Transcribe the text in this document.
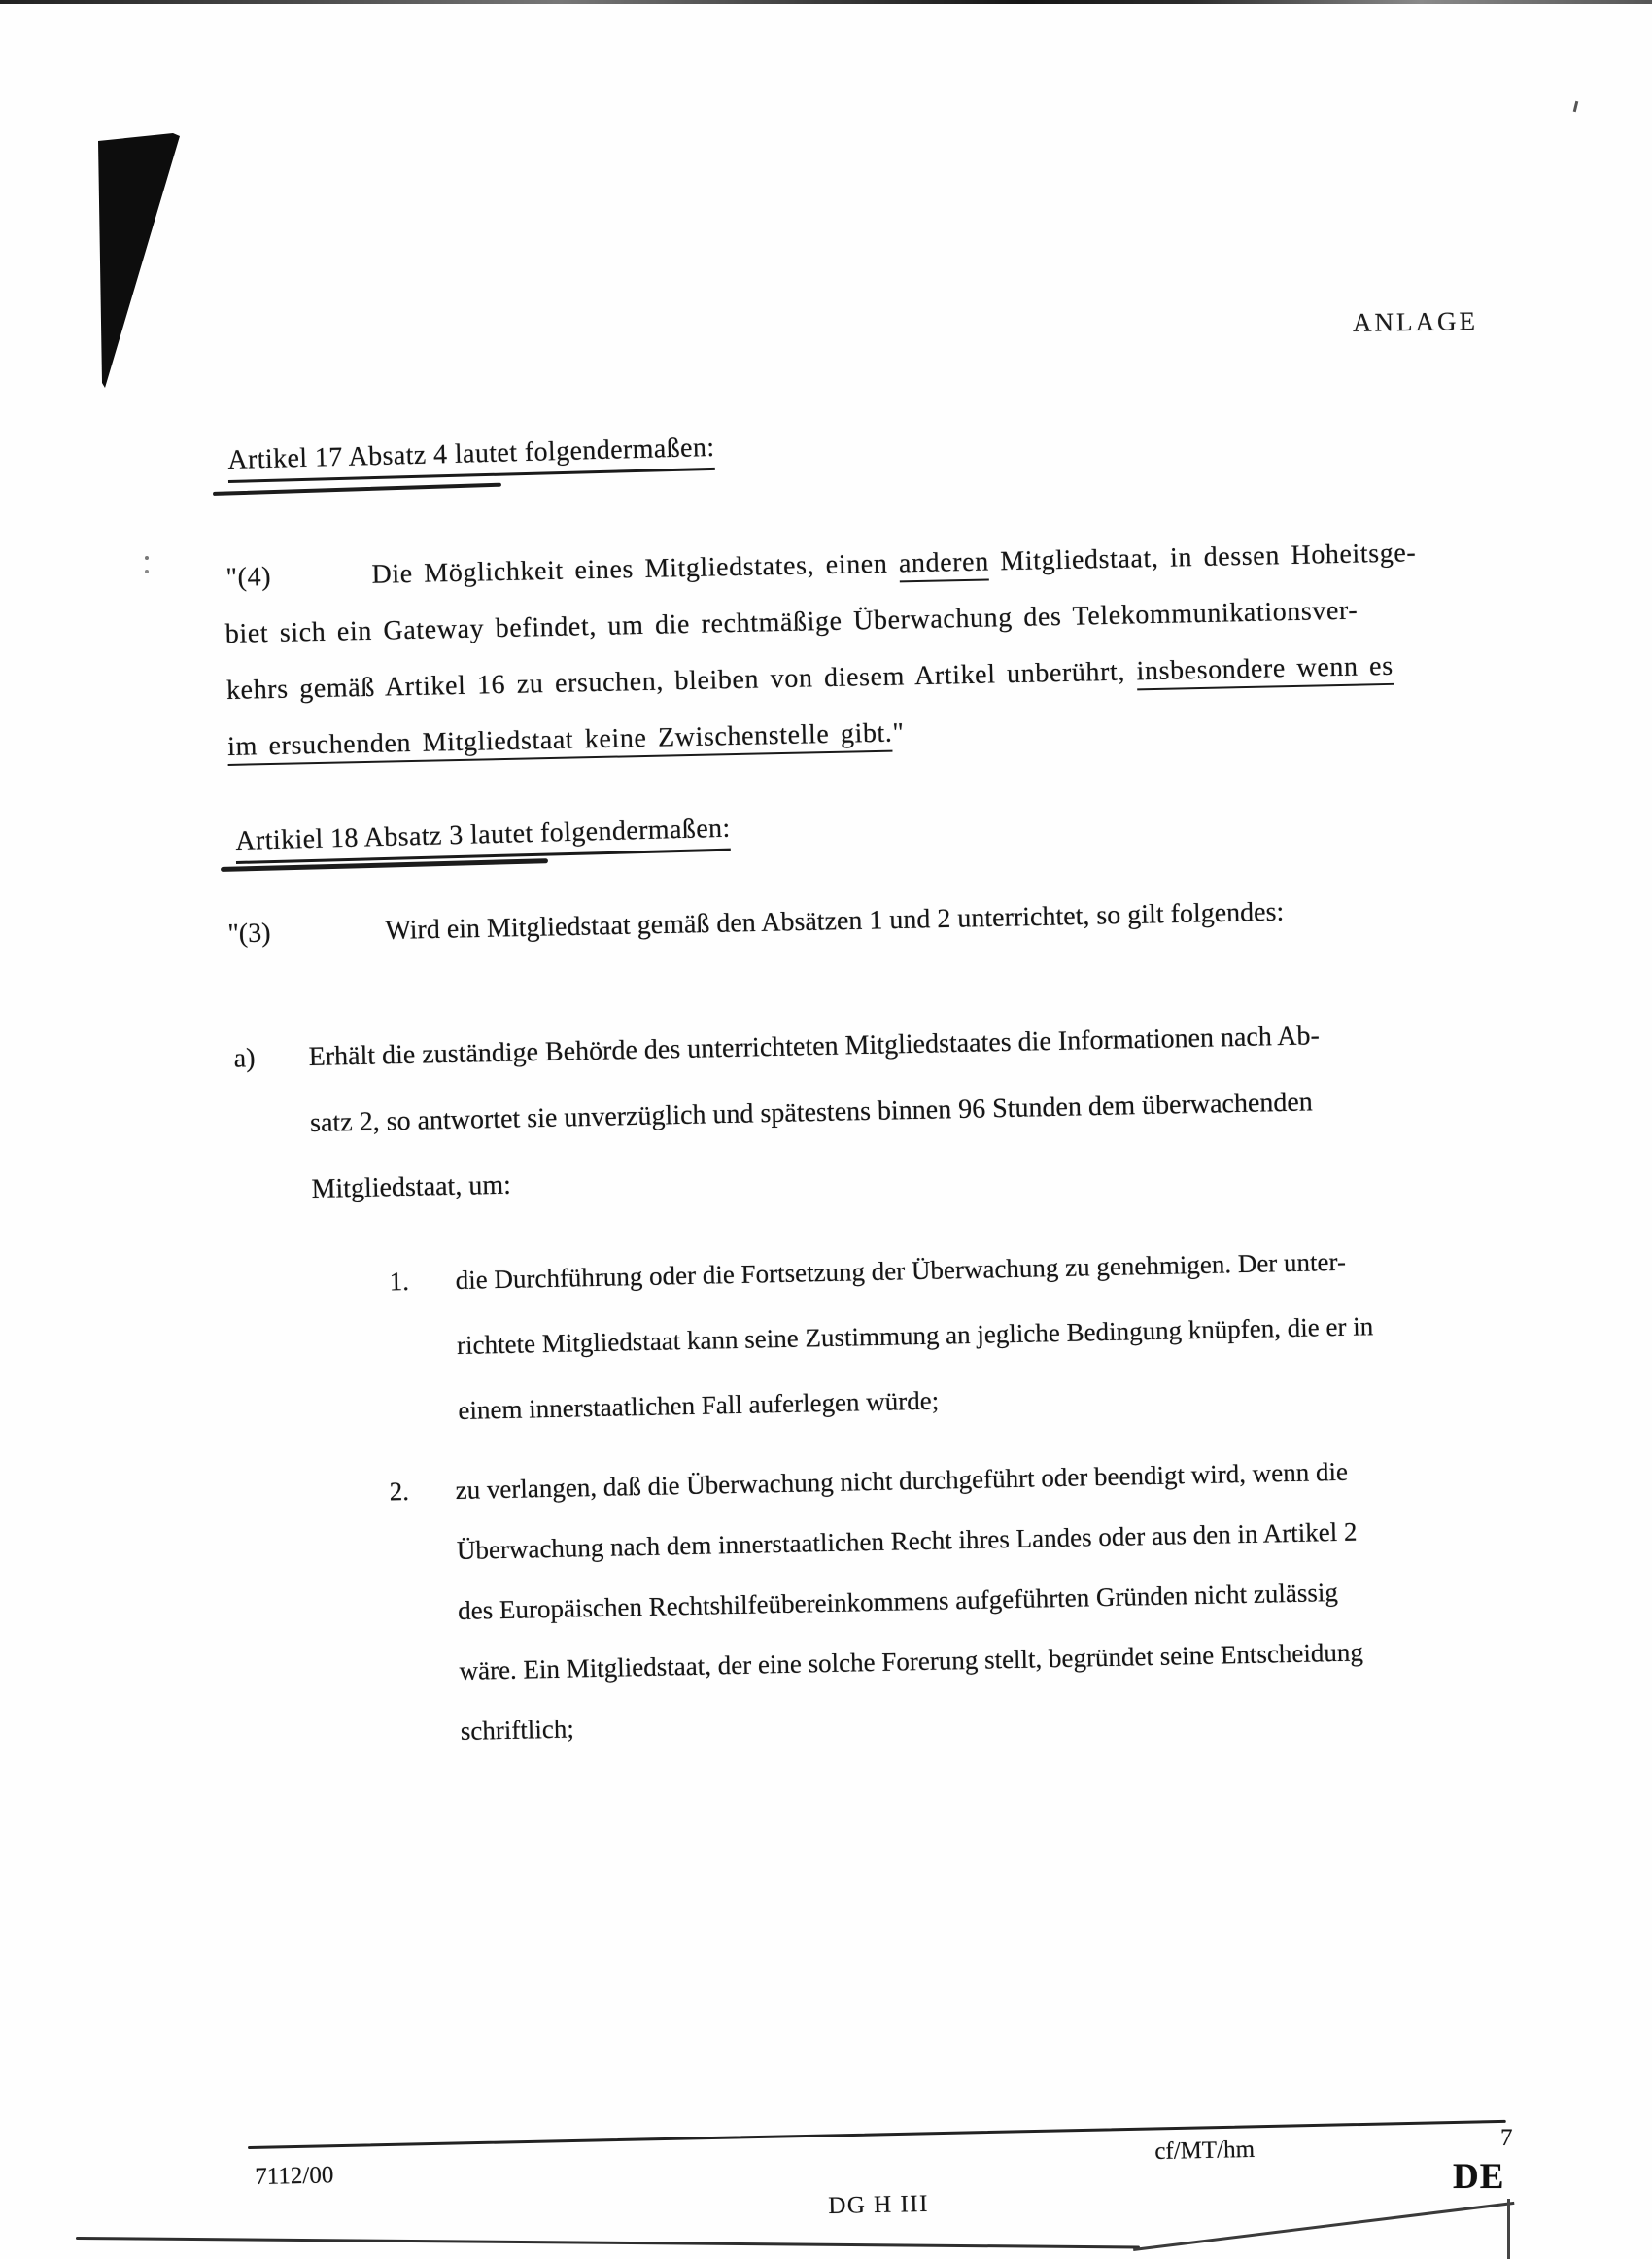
ANLAGE
Artikel 17 Absatz 4 lautet folgendermaßen:
"(4)	Die Möglichkeit eines Mitgliedstates, einen anderen Mitgliedstaat, in dessen Hoheitsge-
biet sich ein Gateway befindet, um die rechtmäßige Überwachung des Telekommunikationsver-
kehrs gemäß Artikel 16 zu ersuchen, bleiben von diesem Artikel unberührt, insbesondere wenn es
im ersuchenden Mitgliedstaat keine Zwischenstelle gibt."
Artikiel 18 Absatz 3 lautet folgendermaßen:
"(3)	Wird ein Mitgliedstaat gemäß den Absätzen 1 und 2 unterrichtet, so gilt folgendes:
a) Erhält die zuständige Behörde des unterrichteten Mitgliedstaates die Informationen nach Ab-
satz 2, so antwortet sie unverzüglich und spätestens binnen 96 Stunden dem überwachenden
Mitgliedstaat, um:
1. die Durchführung oder die Fortsetzung der Überwachung zu genehmigen. Der unter-
richtete Mitgliedstaat kann seine Zustimmung an jegliche Bedingung knüpfen, die er in
einem innerstaatlichen Fall auferlegen würde;
2. zu verlangen, daß die Überwachung nicht durchgeführt oder beendigt wird, wenn die
Überwachung nach dem innerstaatlichen Recht ihres Landes oder aus den in Artikel 2
des Europäischen Rechtshilfeübereinkommens aufgeführten Gründen nicht zulässig
wäre. Ein Mitgliedstaat, der eine solche Forerung stellt, begründet seine Entscheidung
schriftlich;
7112/00
DG H III
cf/MT/hm	7
DE
